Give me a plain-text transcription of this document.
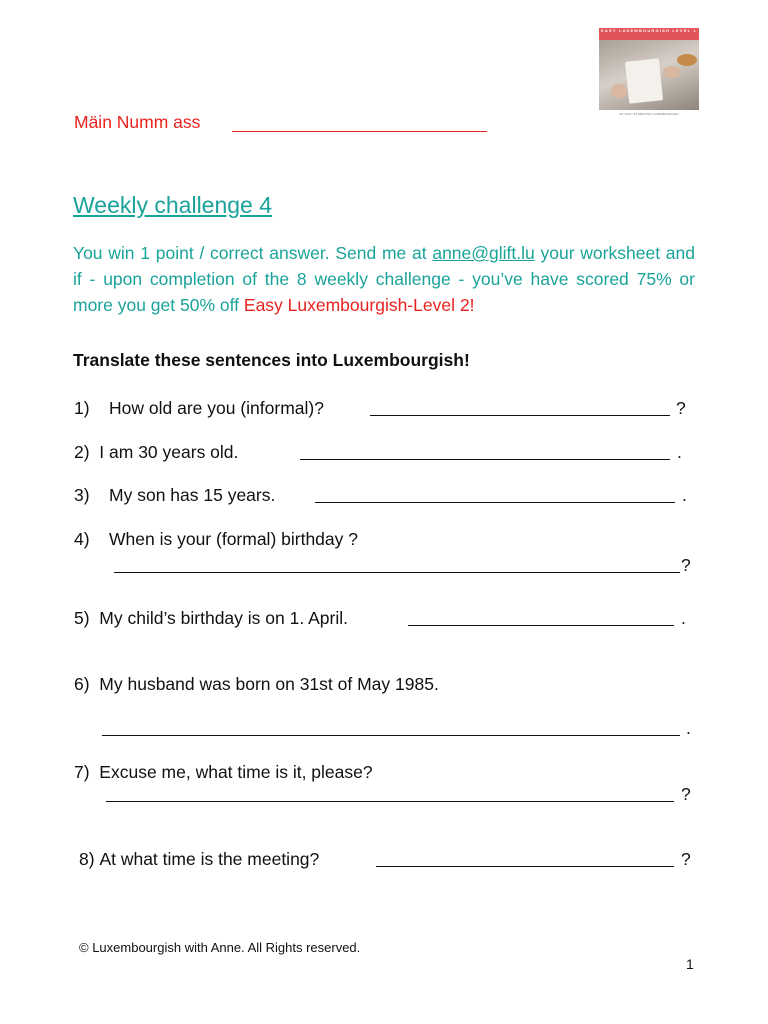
EASY LUXEMBOURGISH LEVEL 1
MY DAILY 10 MINUTES LUXEMBOURGISH
Mäin Numm ass
Weekly challenge 4

You win 1 point / correct answer. Send me at anne@glift.lu your worksheet and if - upon completion of the 8 weekly challenge - you’ve have scored 75% or more you get 50% off Easy Luxembourgish-Level 2!

Translate these sentences into Luxembourgish!
1) How old are you (informal)?	?
2) I am 30 years old.	.
3) My son has 15 years.	.
4) When is your (formal) birthday ?
?
5) My child’s birthday is on 1. April.	.
6) My husband was born on 31st of May 1985.
.
7) Excuse me, what time is it, please?
?
8) At what time is the meeting?	?
© Luxembourgish with Anne. All Rights reserved.
1
